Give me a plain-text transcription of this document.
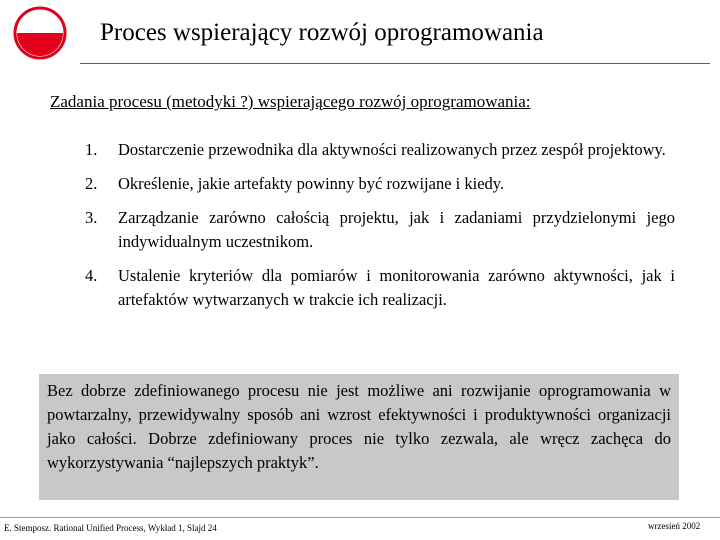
Proces wspierający rozwój oprogramowania
Zadania procesu (metodyki ?) wspierającego rozwój oprogramowania:
1.	Dostarczenie przewodnika dla aktywności realizowanych przez zespół projektowy.
2.	Określenie, jakie artefakty powinny być rozwijane i kiedy.
3.	Zarządzanie zarówno całością projektu, jak i zadaniami przydzielonymi jego indywidualnym uczestnikom.
4.	Ustalenie kryteriów dla pomiarów i monitorowania zarówno aktywności, jak i artefaktów wytwarzanych w trakcie ich realizacji.
Bez dobrze zdefiniowanego procesu nie jest możliwe ani rozwijanie oprogramowania w powtarzalny, przewidywalny sposób ani wzrost efektywności i produktywności organizacji jako całości. Dobrze zdefiniowany proces nie tylko zezwala, ale wręcz zachęca do wykorzystywania “najlepszych praktyk”.
E. Stemposz. Rational Unified Process, Wykład 1, Slajd 24	wrzesień 2002
